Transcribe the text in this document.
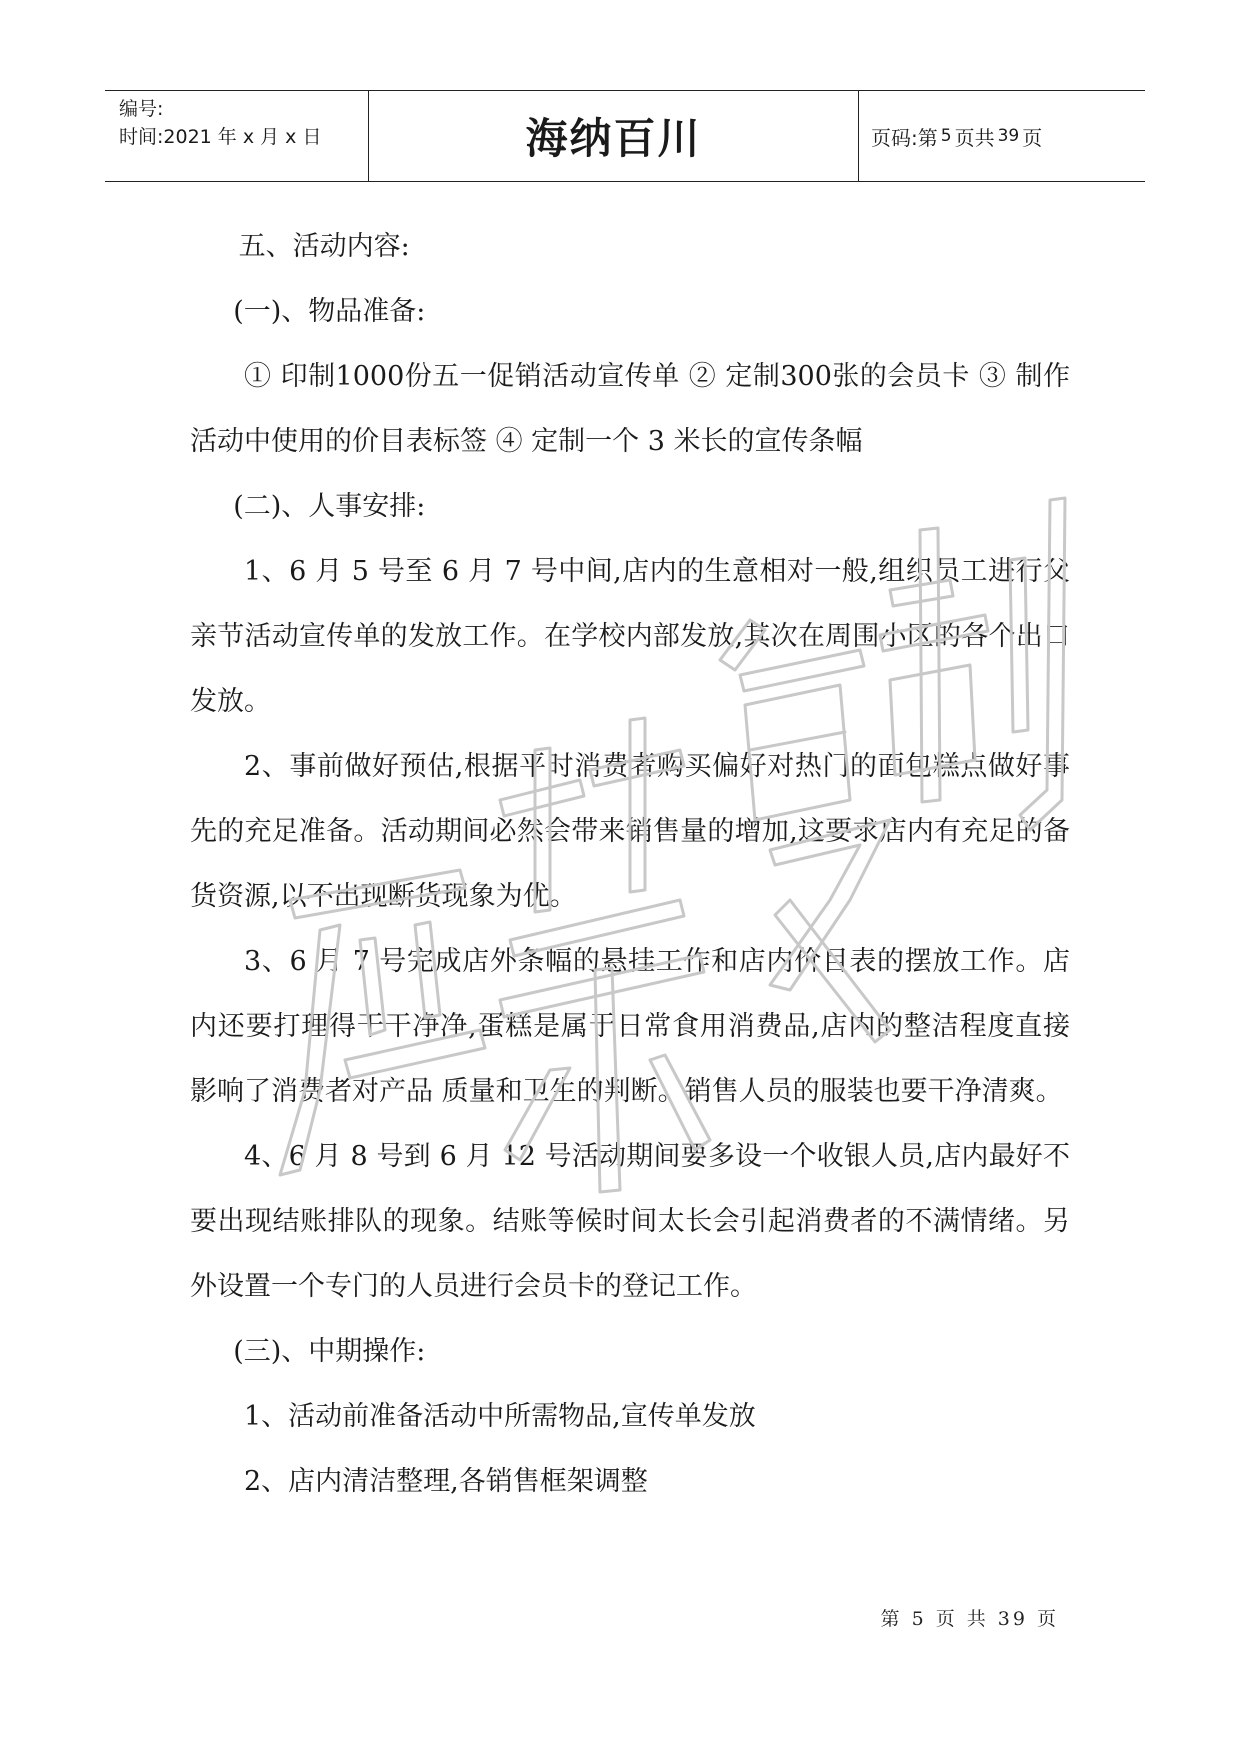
编号:
时间:2021 年 x 月 x 日	海纳百川	页码:第 5 页共 39 页

五、活动内容:

(一)、物品准备:

① 印制1000份五一促销活动宣传单 ② 定制300张的会员卡 ③ 制作活动中使用的价目表标签 ④ 定制一个 3 米长的宣传条幅

(二)、人事安排:

1、6 月 5 号至 6 月 7 号中间,店内的生意相对一般,组织员工进行父亲节活动宣传单的发放工作。在学校内部发放,其次在周围小区的各个出口发放。

2、事前做好预估,根据平时消费者购买偏好对热门的面包糕点做好事先的充足准备。活动期间必然会带来销售量的增加,这要求店内有充足的备货资源,以不出现断货现象为优。

3、6 月 7 号完成店外条幅的悬挂工作和店内价目表的摆放工作。店内还要打理得干干净净,蛋糕是属于日常食用消费品,店内的整洁程度直接影响了消费者对产品 质量和卫生的判断。销售人员的服装也要干净清爽。

4、6 月 8 号到 6 月 12 号活动期间要多设一个收银人员,店内最好不要出现结账排队的现象。结账等候时间太长会引起消费者的不满情绪。另外设置一个专门的人员进行会员卡的登记工作。

(三)、中期操作:

1、活动前准备活动中所需物品,宣传单发放

2、店内清洁整理,各销售框架调整

第 5 页 共 39 页
